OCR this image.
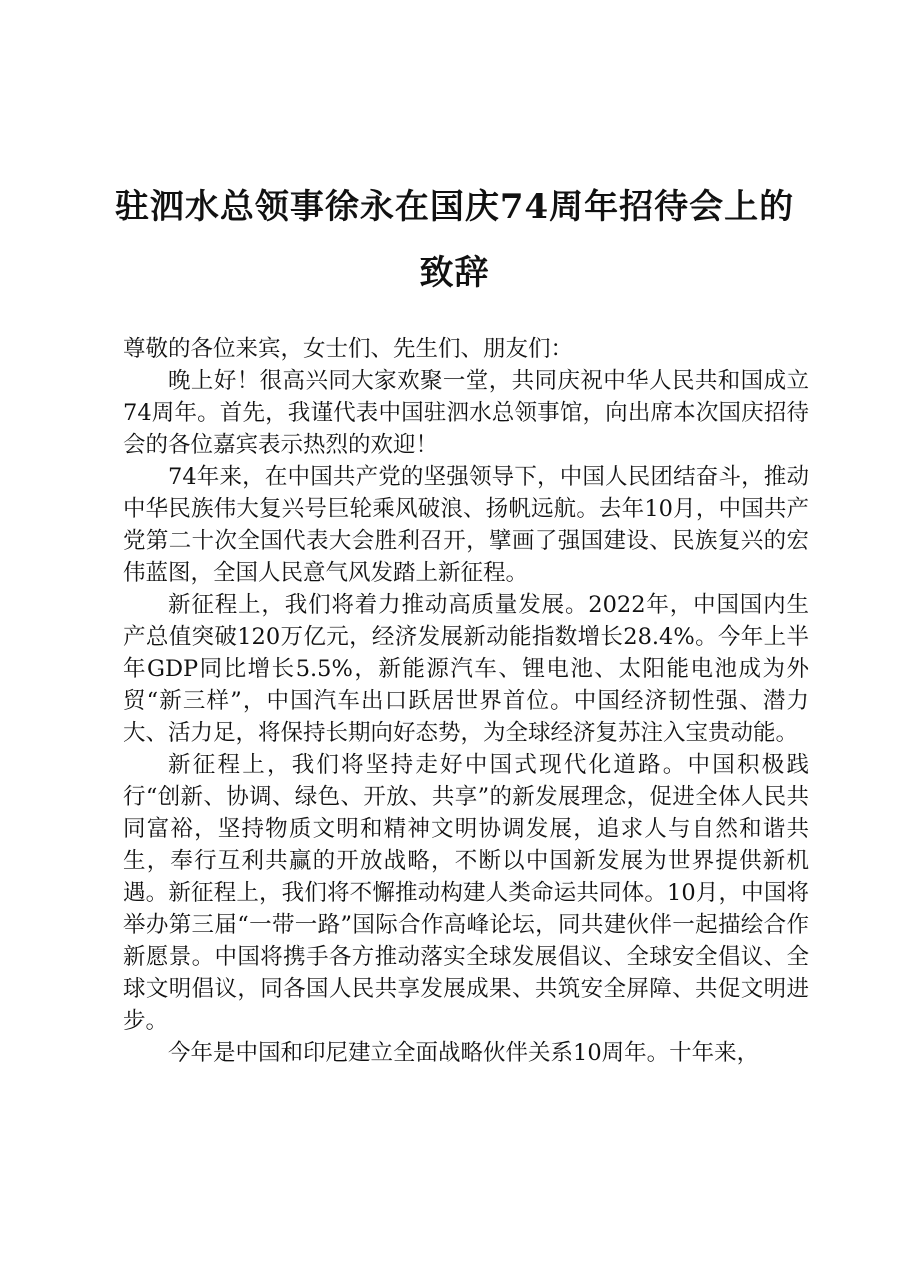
驻泗水总领事徐永在国庆74周年招待会上的
致辞

尊敬的各位来宾，女士们、先生们、朋友们：

晚上好！很高兴同大家欢聚一堂，共同庆祝中华人民共和国成立74周年。首先，我谨代表中国驻泗水总领事馆，向出席本次国庆招待会的各位嘉宾表示热烈的欢迎！

74年来，在中国共产党的坚强领导下，中国人民团结奋斗，推动中华民族伟大复兴号巨轮乘风破浪、扬帆远航。去年10月，中国共产党第二十次全国代表大会胜利召开，擘画了强国建设、民族复兴的宏伟蓝图，全国人民意气风发踏上新征程。

新征程上，我们将着力推动高质量发展。2022年，中国国内生产总值突破120万亿元，经济发展新动能指数增长28.4%。今年上半年GDP同比增长5.5%，新能源汽车、锂电池、太阳能电池成为外贸“新三样”，中国汽车出口跃居世界首位。中国经济韧性强、潜力大、活力足，将保持长期向好态势，为全球经济复苏注入宝贵动能。

新征程上，我们将坚持走好中国式现代化道路。中国积极践行“创新、协调、绿色、开放、共享”的新发展理念，促进全体人民共同富裕，坚持物质文明和精神文明协调发展，追求人与自然和谐共生，奉行互利共赢的开放战略，不断以中国新发展为世界提供新机遇。新征程上，我们将不懈推动构建人类命运共同体。10月，中国将举办第三届“一带一路”国际合作高峰论坛，同共建伙伴一起描绘合作新愿景。中国将携手各方推动落实全球发展倡议、全球安全倡议、全球文明倡议，同各国人民共享发展成果、共筑安全屏障、共促文明进步。

今年是中国和印尼建立全面战略伙伴关系10周年。十年来，
